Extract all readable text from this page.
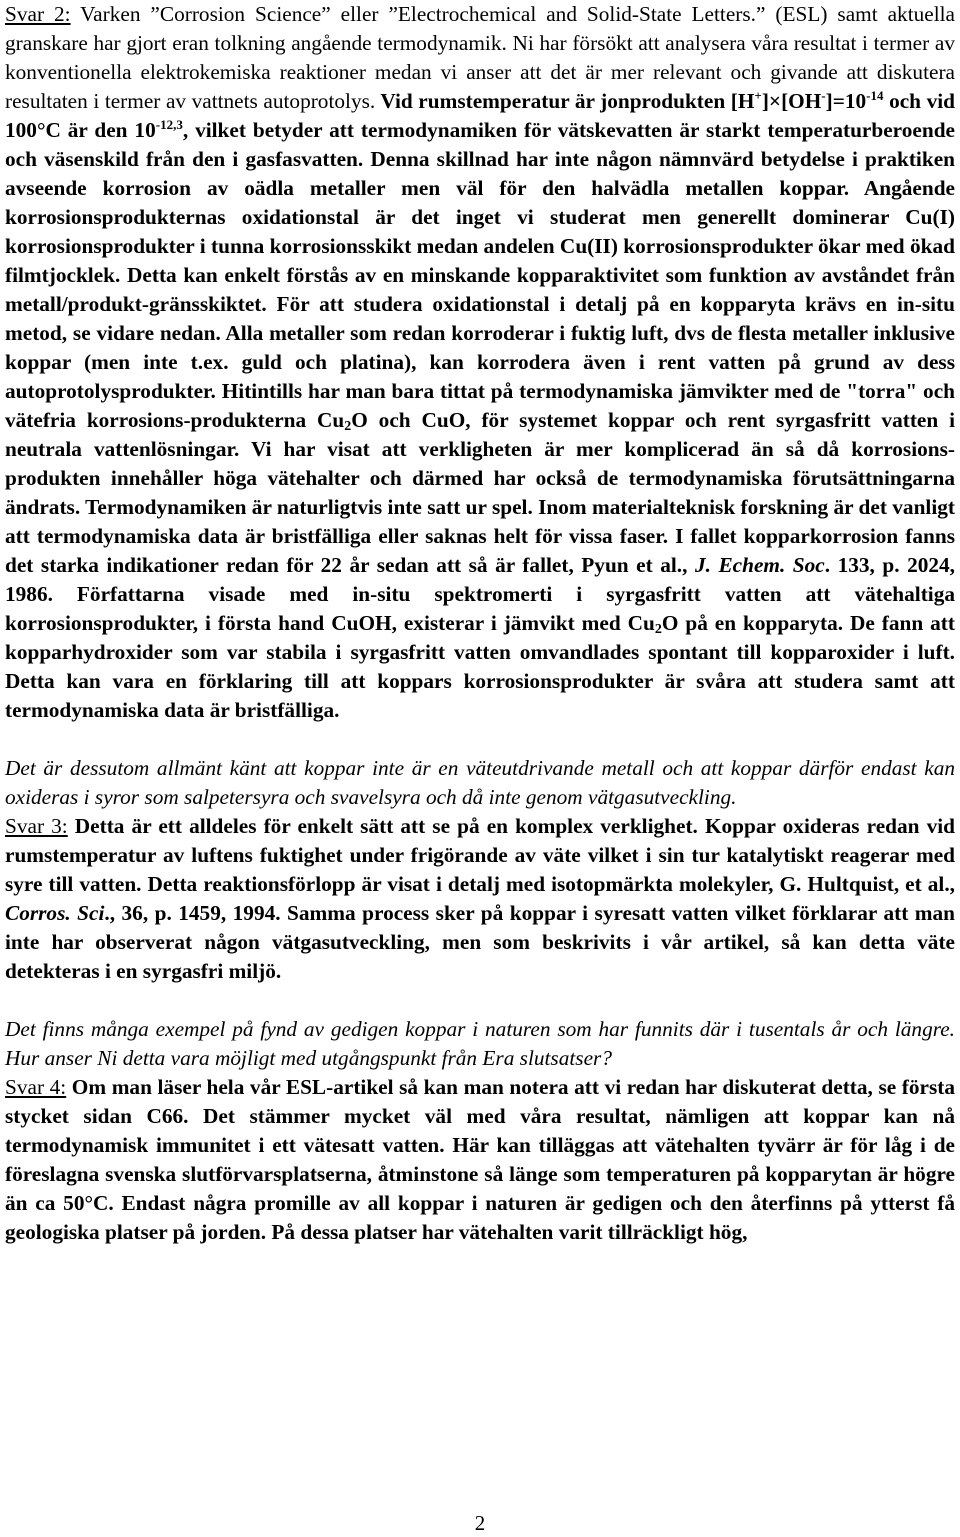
Svar 2: Varken ”Corrosion Science” eller ”Electrochemical and Solid-State Letters.” (ESL) samt aktuella granskare har gjort eran tolkning angående termodynamik. Ni har försökt att analysera våra resultat i termer av konventionella elektrokemiska reaktioner medan vi anser att det är mer relevant och givande att diskutera resultaten i termer av vattnets autoprotolys. Vid rumstemperatur är jonprodukten $[H^+]\times[OH^-]=10^{-14}$ och vid 100°C är den $10^{-12,3}$, vilket betyder att termodynamiken för vätskevatten är starkt temperaturberoende och väsenskild från den i gasfasvatten. Denna skillnad har inte någon nämnvärd betydelse i praktiken avseende korrosion av oädla metaller men väl för den halvädla metallen koppar. Angående korrosionsprodukternas oxidationstal är det inget vi studerat men generellt dominerar Cu(I) korrosionsprodukter i tunna korrosionsskikt medan andelen Cu(II) korrosionsprodukter ökar med ökad filmtjocklek. Detta kan enkelt förstås av en minskande kopparaktivitet som funktion av avståndet från metall/produkt-gränsskiktet. För att studera oxidationstal i detalj på en kopparyta krävs en in-situ metod, se vidare nedan. Alla metaller som redan korroderar i fuktig luft, dvs de flesta metaller inklusive koppar (men inte t.ex. guld och platina), kan korrodera även i rent vatten på grund av dess autoprotolysprodukter. Hitintills har man bara tittat på termodynamiska jämvikter med de "torra" och vätefria korrosions-produkterna $Cu_2O$ och CuO, för systemet koppar och rent syrgasfritt vatten i neutrala vattenlösningar. Vi har visat att verkligheten är mer komplicerad än så då korrosions-produkten innehåller höga vätehalter och därmed har också de termodynamiska förutsättningarna ändrats. Termodynamiken är naturligtvis inte satt ur spel. Inom materialteknisk forskning är det vanligt att termodynamiska data är bristfälliga eller saknas helt för vissa faser. I fallet kopparkorrosion fanns det starka indikationer redan för 22 år sedan att så är fallet, Pyun et al., J. Echem. Soc. 133, p. 2024, 1986. Författarna visade med in-situ spektromerti i syrgasfritt vatten att vätehaltiga korrosionsprodukter, i första hand CuOH, existerar i jämvikt med $Cu_2O$ på en kopparyta. De fann att kopparhydroxider som var stabila i syrgasfritt vatten omvandlades spontant till kopparoxider i luft. Detta kan vara en förklaring till att koppars korrosionsprodukter är svåra att studera samt att termodynamiska data är bristfälliga.

Det är dessutom allmänt känt att koppar inte är en väteutdrivande metall och att koppar därför endast kan oxideras i syror som salpetersyra och svavelsyra och då inte genom vätgasutveckling.

Svar 3: Detta är ett alldeles för enkelt sätt att se på en komplex verklighet. Koppar oxideras redan vid rumstemperatur av luftens fuktighet under frigörande av väte vilket i sin tur katalytiskt reagerar med syre till vatten. Detta reaktionsförlopp är visat i detalj med isotopmärkta molekyler, G. Hultquist, et al., Corros. Sci., 36, p. 1459, 1994. Samma process sker på koppar i syresatt vatten vilket förklarar att man inte har observerat någon vätgasutveckling, men som beskrivits i vår artikel, så kan detta väte detekteras i en syrgasfri miljö.

Det finns många exempel på fynd av gedigen koppar i naturen som har funnits där i tusentals år och längre. Hur anser Ni detta vara möjligt med utgångspunkt från Era slutsatser?

Svar 4: Om man läser hela vår ESL-artikel så kan man notera att vi redan har diskuterat detta, se första stycket sidan C66. Det stämmer mycket väl med våra resultat, nämligen att koppar kan nå termodynamisk immunitet i ett vätesatt vatten. Här kan tilläggas att vätehalten tyvärr är för låg i de föreslagna svenska slutförvarsplatserna, åtminstone så länge som temperaturen på kopparytan är högre än ca 50°C. Endast några promille av all koppar i naturen är gedigen och den återfinns på ytterst få geologiska platser på jorden. På dessa platser har vätehalten varit tillräckligt hög,

2
